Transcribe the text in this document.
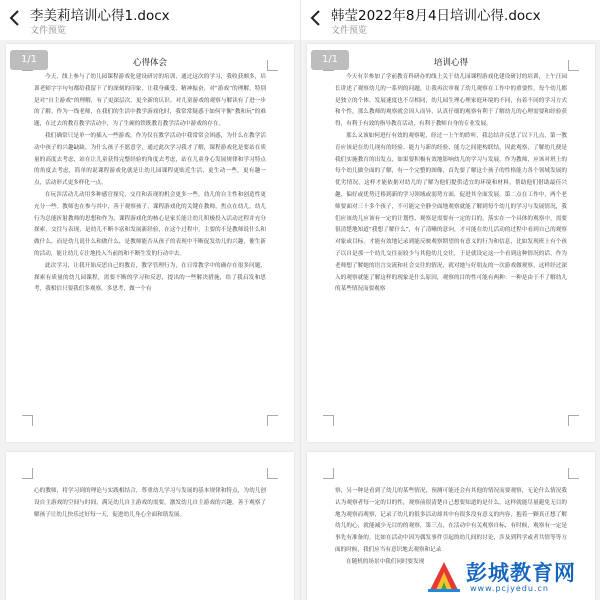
李美莉培训心得1.docx
文件预览
1/1	心得体会

今天，线上参与了幼儿园课程游戏化建设研讨的培训，通过这次的学习，我收获颇多，培训老师字字句句都给我留下了的深刻的印象，让我身藏受、精神振奋，对“游戏”的理解，特别是对“自主游戏”的理解，有了更深层次、更全新的认识。对儿童游戏的观察与解读有了进一步的了解。作为一线老师，在我们的生活中教学游戏化时，我常常疑惑于如何平衡“教和玩”的难题，在过去的教育教学活动中，为了生硬的铁既教育教学活动中游戏的存在。

我们确常只是单一的插入一些游戏，作为仅在教学活动中我常常会困惑，为什么在教学活动中孩子的兴趣缺缺，为什么孩子不愿意学，通过此次学习我才了解，课程游戏化是要站在质量的高度去考虑，站在让儿童获得完整经验的角度去考虑，站在儿童身心发展规律和学习特点的角度去考虑，简单的说课程游戏化就是让幼儿园课程更贴近生活，更生动一些，更有趣一点，活动形式更多样化一点。

在玩涉活动儿动用多种感官探究，交往和表现的机会更多一些，幼儿的自主性和创造性更充分一些。教师也在参与其中，善于观察孩子，课程游戏化的关键在教师，焦点在幼儿，幼儿行为总能折射教师的思想和作为，课程游戏化的核心是家长能让幼儿积极投入活动过程并充分探索，交往与表现，是幼儿不断丰富和发展新经验，在这个过程中，主要的不是教师说什么和做什么，而是幼儿说什么和做什么，是教师能否从孩子的表现中不断促发幼儿的兴趣，催生新的活动，能让幼儿专注地投入当前的和不断生发的行动中去。

此次学习，让我开始反思自己的教育，教学管理行为，在日常教学中的确存在很多问题，探索有质量的幼儿园课程，需要不断的学习和反思，提出的一些解决措施，给了我启发和思考，我相信只要我们多观察，多思考，做一个有

心的教师，将学习到的理论与实践相结合，尊重幼儿学习与发展的基本规律和特点，为幼儿创设自主游戏的空间与时间，满足幼儿自主游戏的需要，激发幼儿自主游戏的兴趣，善于观察了解孩子让幼儿快乐过好每一天，促进幼儿身心全面和谐发展。

韩莹2022年8月4日培训心得.docx
文件预览
1/1	培训心得

今天有幸参加了学前教育科研办的线上关于幼儿园课程游戏化建设研讨的培训，上午汪园长讲述了观察幼儿的一系列的问题，让我再次审视了幼儿观察在工作中的重要性，每个幼儿都是独立的个体，发展速度也不尽相同，幼儿园生理心理家庭环境的不同，有着不同的学习方式和个性，那么教师的观察就会因人而异，认真仔细的观察有利于了解幼儿的心理需要和经验获得，有利于有效的指导教育活动，有利于教师自身的专业发展。

那么又该如何进行有效的观察呢，经过一上午的聆听，我总结并反思了以下几点，第一教育应该是在幼儿现有的经验、能力与新的经验、能力之间建构联结，因此观察，了解幼儿便是我们实施教育的出发点，如果要积极有效地影响幼儿的学习与发展，作为教师，应该对班上的每个幼儿做全面的了解，有一个完整的图像，首先要了解这个孩子的性格能力各个领域发展的优劣情况，这样才能依据对幼儿的了解为他们提供适宜的环境和材料，帮助他们借助最佳兴趣，偏好或优势迁移到新的学习领域或弱势方面，促进其全面发展，第二点在工作中，两个老师要面对三十多个孩子，不可能完全静全面地观察就能了解到每个幼儿的学习与发展情况，我们应该幼儿应该有一定的计划性，观察是需要有一定的目的，落实在一个具体的观察中，需要很清楚地知道“我想了解什么”，有了清晰的意向，才可能在幼儿活动的过程中看到自己的观察对象或目标，才能有效地记录到能反映观察期望的有意义的行为和信息，比如发现班上有个孩子以自是那一个幼儿交往而较少与其他幼儿交往，于是就设定这一个看到这种情况的话，作为老师想了解她的语言交流和社会交往的情况，就对她与好朋友的一次游戏做观察，这样经过深入的观察就能了解这样的现象是什么原因，观察的目的性可能有两种：一种是由于不了解幼儿的某些情况而要观察

察，另一种是看到了幼儿的某些情况，预测可能还会有其他的情况而要观察，无论什么情况我认为观察者每一定的目的性，观察前很清楚自己想要知道的是什么，这样就能尽量避免无目的地为观察而观察，记录了幼儿的很多活动却其中有很多没有意义的内容，抱着一颗真正想了解幼儿的心，就能减少无目的的观察，第三点，在活动中有关观察自标，有时候，观察有一定是事先有准备的，比如在活动中因为偶发事件引起的幼儿间的讨论，涉及到科学或者共情等等方面的时候，我们应当有意识地去观察和记录

在随机的场景中我们同时要发现	彭城教育网
www.pcjyedu.cn
